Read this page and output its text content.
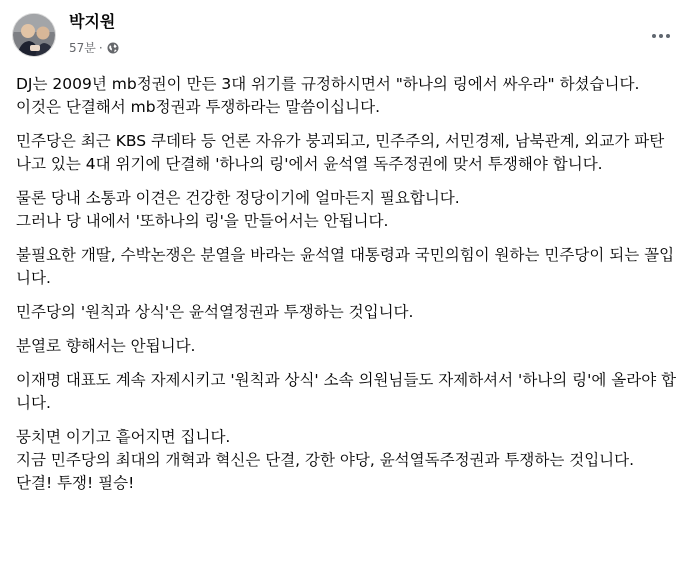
박지원
57분 ·

DJ는 2009년 mb정권이 만든 3대 위기를 규정하시면서 "하나의 링에서 싸우라" 하셨습니다.
이것은 단결해서 mb정권과 투쟁하라는 말씀이십니다.

민주당은 최근 KBS 쿠데타 등 언론 자유가 붕괴되고, 민주주의, 서민경제, 남북관계, 외교가 파탄나고 있는 4대 위기에 단결해 '하나의 링'에서 윤석열 독주정권에 맞서 투쟁해야 합니다.

물론 당내 소통과 이견은 건강한 정당이기에 얼마든지 필요합니다.
그러나 당 내에서 '또하나의 링'을 만들어서는 안됩니다.

불필요한 개딸, 수박논쟁은 분열을 바라는 윤석열 대통령과 국민의힘이 원하는 민주당이 되는 꼴입니다.

민주당의 '원칙과 상식'은 윤석열정권과 투쟁하는 것입니다.

분열로 향해서는 안됩니다.

이재명 대표도 계속 자제시키고 '원칙과 상식' 소속 의원님들도 자제하셔서 '하나의 링'에 올라야 합니다.

뭉치면 이기고 흩어지면 집니다.
지금 민주당의 최대의 개혁과 혁신은 단결, 강한 야당, 윤석열독주정권과 투쟁하는 것입니다.
단결! 투쟁! 필승!
